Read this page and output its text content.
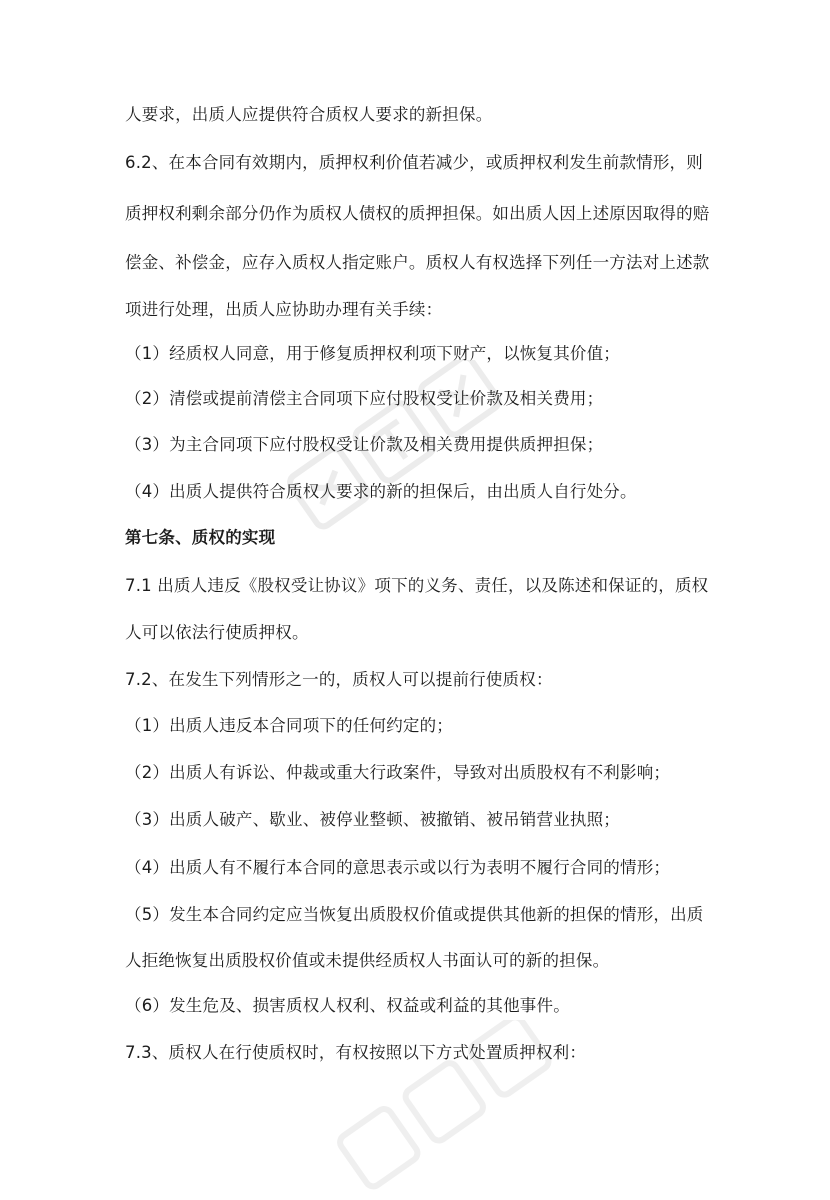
人要求，出质人应提供符合质权人要求的新担保。

6.2、在本合同有效期内，质押权利价值若减少，或质押权利发生前款情形，则

质押权利剩余部分仍作为质权人债权的质押担保。如出质人因上述原因取得的赔

偿金、补偿金，应存入质权人指定账户。质权人有权选择下列任一方法对上述款

项进行处理，出质人应协助办理有关手续：

（1）经质权人同意，用于修复质押权利项下财产，以恢复其价值；

（2）清偿或提前清偿主合同项下应付股权受让价款及相关费用；

（3）为主合同项下应付股权受让价款及相关费用提供质押担保；

（4）出质人提供符合质权人要求的新的担保后，由出质人自行处分。

第七条、质权的实现

7.1 出质人违反《股权受让协议》项下的义务、责任，以及陈述和保证的，质权

人可以依法行使质押权。

7.2、在发生下列情形之一的，质权人可以提前行使质权：

（1）出质人违反本合同项下的任何约定的；

（2）出质人有诉讼、仲裁或重大行政案件，导致对出质股权有不利影响；

（3）出质人破产、歇业、被停业整顿、被撤销、被吊销营业执照；

（4）出质人有不履行本合同的意思表示或以行为表明不履行合同的情形；

（5）发生本合同约定应当恢复出质股权价值或提供其他新的担保的情形，出质

人拒绝恢复出质股权价值或未提供经质权人书面认可的新的担保。

（6）发生危及、损害质权人权利、权益或利益的其他事件。

7.3、质权人在行使质权时，有权按照以下方式处置质押权利：
